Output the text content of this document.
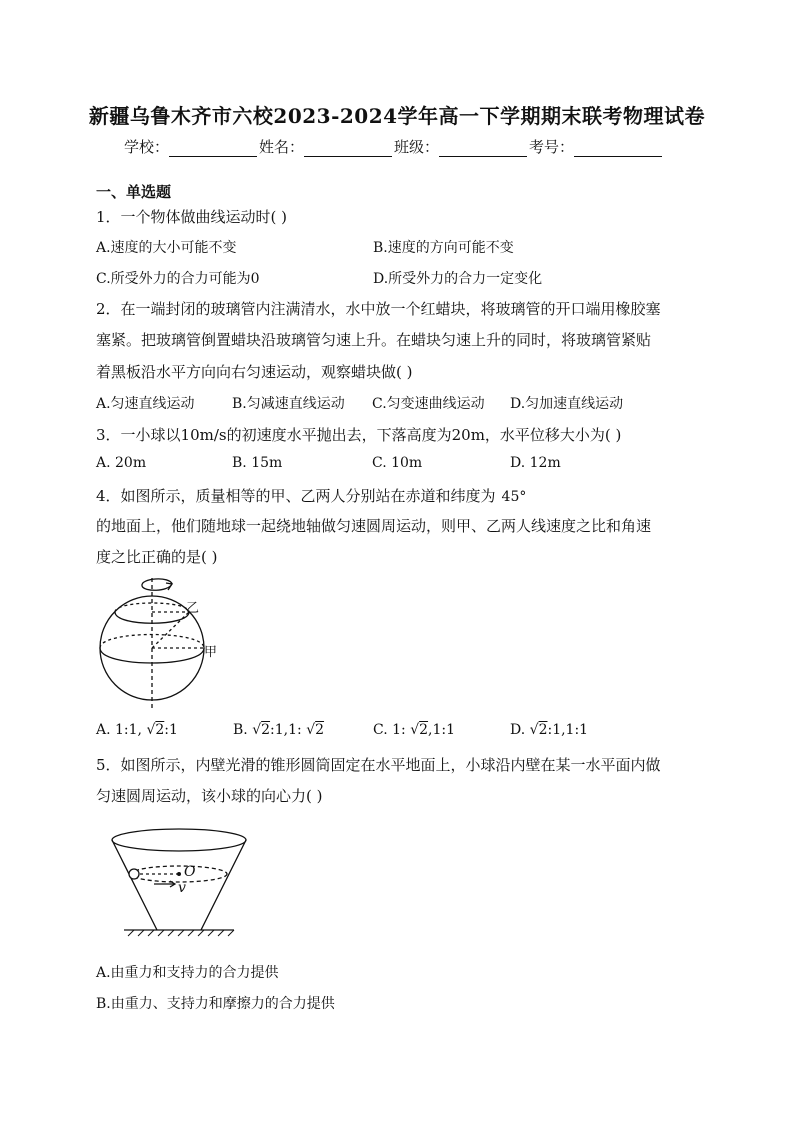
新疆乌鲁木齐市六校2023-2024学年高一下学期期末联考物理试卷
学校：	姓名：	班级：	考号：
一、单选题
1．一个物体做曲线运动时( )
A.速度的大小可能不变	B.速度的方向可能不变
C.所受外力的合力可能为0	D.所受外力的合力一定变化
2．在一端封闭的玻璃管内注满清水，水中放一个红蜡块，将玻璃管的开口端用橡胶塞
塞紧。把玻璃管倒置蜡块沿玻璃管匀速上升。在蜡块匀速上升的同时，将玻璃管紧贴
着黑板沿水平方向向右匀速运动，观察蜡块做( )
A.匀速直线运动	B.匀减速直线运动 C.匀变速曲线运动 D.匀加速直线运动
3．一小球以10m/s的初速度水平抛出去，下落高度为20m，水平位移大小为( )
A. 20m	B. 15m	C. 10m	D. 12m
4．如图所示，质量相等的甲、乙两人分别站在赤道和纬度为 45°
的地面上，他们随地球一起绕地轴做匀速圆周运动，则甲、乙两人线速度之比和角速
度之比正确的是( )
乙
甲
A. 1:1, √2:1	B. √2:1,1: √2	C. 1: √2,1:1	D. √2:1,1:1
5．如图所示，内壁光滑的锥形圆筒固定在水平地面上，小球沿内壁在某一水平面内做
匀速圆周运动，该小球的向心力( )
O
v
A.由重力和支持力的合力提供
B.由重力、支持力和摩擦力的合力提供
